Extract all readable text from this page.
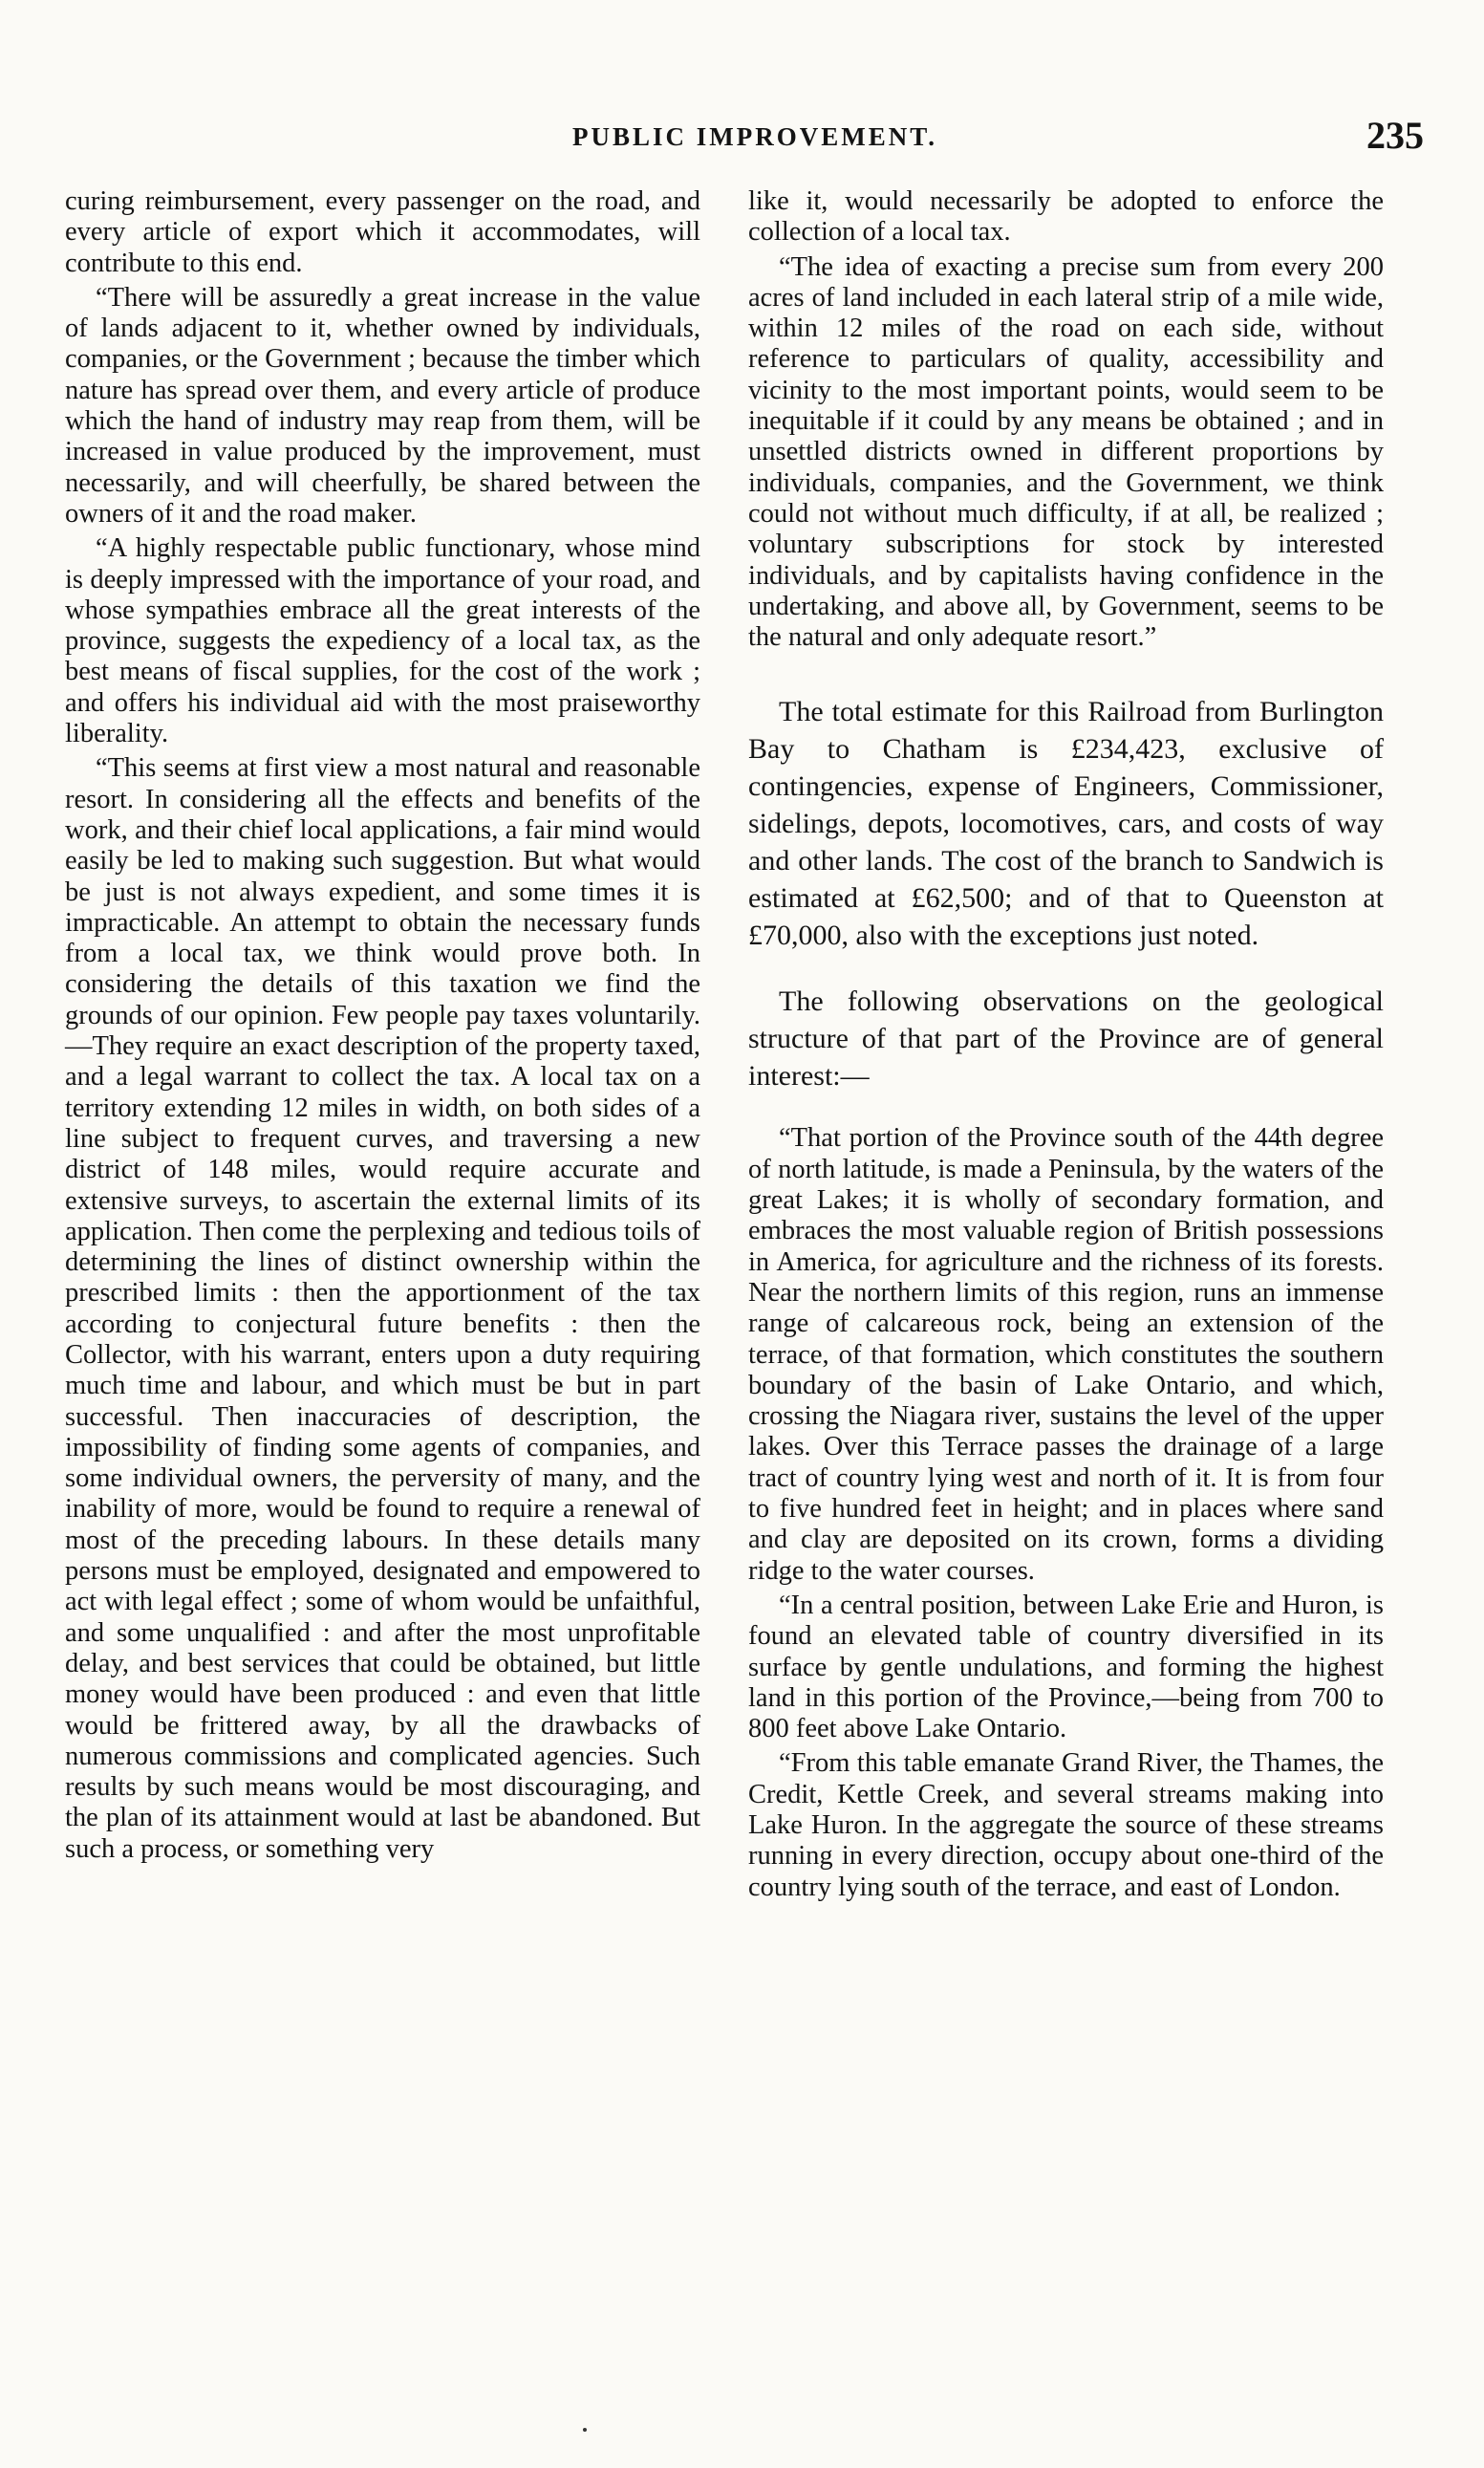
PUBLIC IMPROVEMENT.	235

curing reimbursement, every passenger on the road, and every article of export which it accommodates, will contribute to this end.

“There will be assuredly a great increase in the value of lands adjacent to it, whether owned by individuals, companies, or the Government ; because the timber which nature has spread over them, and every article of produce which the hand of industry may reap from them, will be increased in value produced by the improvement, must necessarily, and will cheerfully, be shared between the owners of it and the road maker.

“A highly respectable public functionary, whose mind is deeply impressed with the importance of your road, and whose sympathies embrace all the great interests of the province, suggests the expediency of a local tax, as the best means of fiscal supplies, for the cost of the work ; and offers his individual aid with the most praiseworthy liberality.

“This seems at first view a most natural and reasonable resort. In considering all the effects and benefits of the work, and their chief local applications, a fair mind would easily be led to making such suggestion. But what would be just is not always expedient, and some times it is impracticable. An attempt to obtain the necessary funds from a local tax, we think would prove both. In considering the details of this taxation we find the grounds of our opinion. Few people pay taxes voluntarily.—They require an exact description of the property taxed, and a legal warrant to collect the tax. A local tax on a territory extending 12 miles in width, on both sides of a line subject to frequent curves, and traversing a new district of 148 miles, would require accurate and extensive surveys, to ascertain the external limits of its application. Then come the perplexing and tedious toils of determining the lines of distinct ownership within the prescribed limits : then the apportionment of the tax according to conjectural future benefits : then the Collector, with his warrant, enters upon a duty requiring much time and labour, and which must be but in part successful. Then inaccuracies of description, the impossibility of finding some agents of companies, and some individual owners, the perversity of many, and the inability of more, would be found to require a renewal of most of the preceding labours. In these details many persons must be employed, designated and empowered to act with legal effect ; some of whom would be unfaithful, and some unqualified : and after the most unprofitable delay, and best services that could be obtained, but little money would have been produced : and even that little would be frittered away, by all the drawbacks of numerous commissions and complicated agencies. Such results by such means would be most discouraging, and the plan of its attainment would at last be abandoned. But such a process, or something very

like it, would necessarily be adopted to enforce the collection of a local tax.

“The idea of exacting a precise sum from every 200 acres of land included in each lateral strip of a mile wide, within 12 miles of the road on each side, without reference to particulars of quality, accessibility and vicinity to the most important points, would seem to be inequitable if it could by any means be obtained ; and in unsettled districts owned in different proportions by individuals, companies, and the Government, we think could not without much difficulty, if at all, be realized ; voluntary subscriptions for stock by interested individuals, and by capitalists having confidence in the undertaking, and above all, by Government, seems to be the natural and only adequate resort.”

The total estimate for this Railroad from Burlington Bay to Chatham is £234,423, exclusive of contingencies, expense of Engineers, Commissioner, sidelings, depots, locomotives, cars, and costs of way and other lands. The cost of the branch to Sandwich is estimated at £62,500; and of that to Queenston at £70,000, also with the exceptions just noted.

The following observations on the geological structure of that part of the Province are of general interest:—

“That portion of the Province south of the 44th degree of north latitude, is made a Peninsula, by the waters of the great Lakes; it is wholly of secondary formation, and embraces the most valuable region of British possessions in America, for agriculture and the richness of its forests. Near the northern limits of this region, runs an immense range of calcareous rock, being an extension of the terrace, of that formation, which constitutes the southern boundary of the basin of Lake Ontario, and which, crossing the Niagara river, sustains the level of the upper lakes. Over this Terrace passes the drainage of a large tract of country lying west and north of it. It is from four to five hundred feet in height; and in places where sand and clay are deposited on its crown, forms a dividing ridge to the water courses.

“In a central position, between Lake Erie and Huron, is found an elevated table of country diversified in its surface by gentle undulations, and forming the highest land in this portion of the Province,—being from 700 to 800 feet above Lake Ontario.

“From this table emanate Grand River, the Thames, the Credit, Kettle Creek, and several streams making into Lake Huron. In the aggregate the source of these streams running in every direction, occupy about one-third of the country lying south of the terrace, and east of London.
